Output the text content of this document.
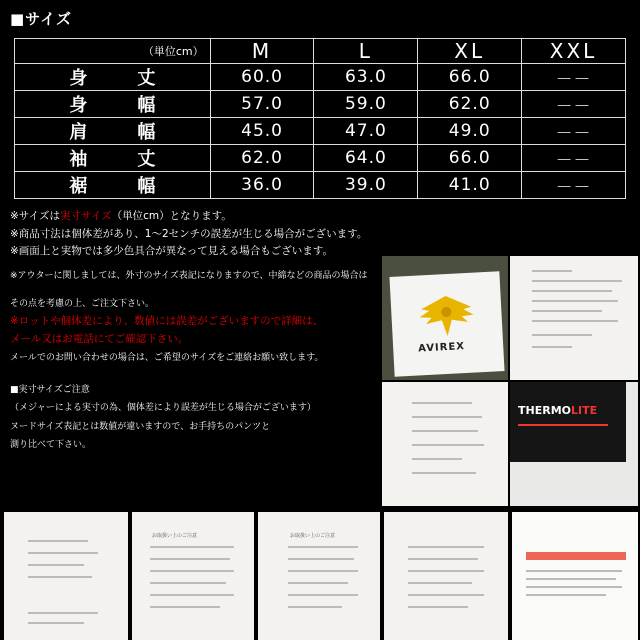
■サイズ
（単位cm）	M	L	XL	XXL
身 丈	60.0	63.0	66.0	－－
身 幅	57.0	59.0	62.0	－－
肩 幅	45.0	47.0	49.0	－－
袖 丈	62.0	64.0	66.0	－－
裾 幅	36.0	39.0	41.0	－－
※サイズは実寸サイズ（単位cm）となります。
※商品寸法は個体差があり、1～2センチの誤差が生じる場合がございます。
※画面上と実物では多少色具合が異なって見える場合もございます。
※アウターに関しましては、外寸のサイズ表記になりますので、中綿などの商品の場合は
その点を考慮の上、ご注文下さい。
※ロットや個体差により、数値には誤差がございますので詳細は、
メール又はお電話にてご確認下さい。
メールでのお問い合わせの場合は、ご希望のサイズをご連絡お願い致します。
■実寸サイズご注意
（メジャーによる実寸の為、個体差により誤差が生じる場合がございます）
ヌードサイズ表記とは数値が違いますので、お手持ちのパンツと
測り比べて下さい。
AVIREX
THERMOLITE
お取扱い上のご注意	お取扱い上のご注意
